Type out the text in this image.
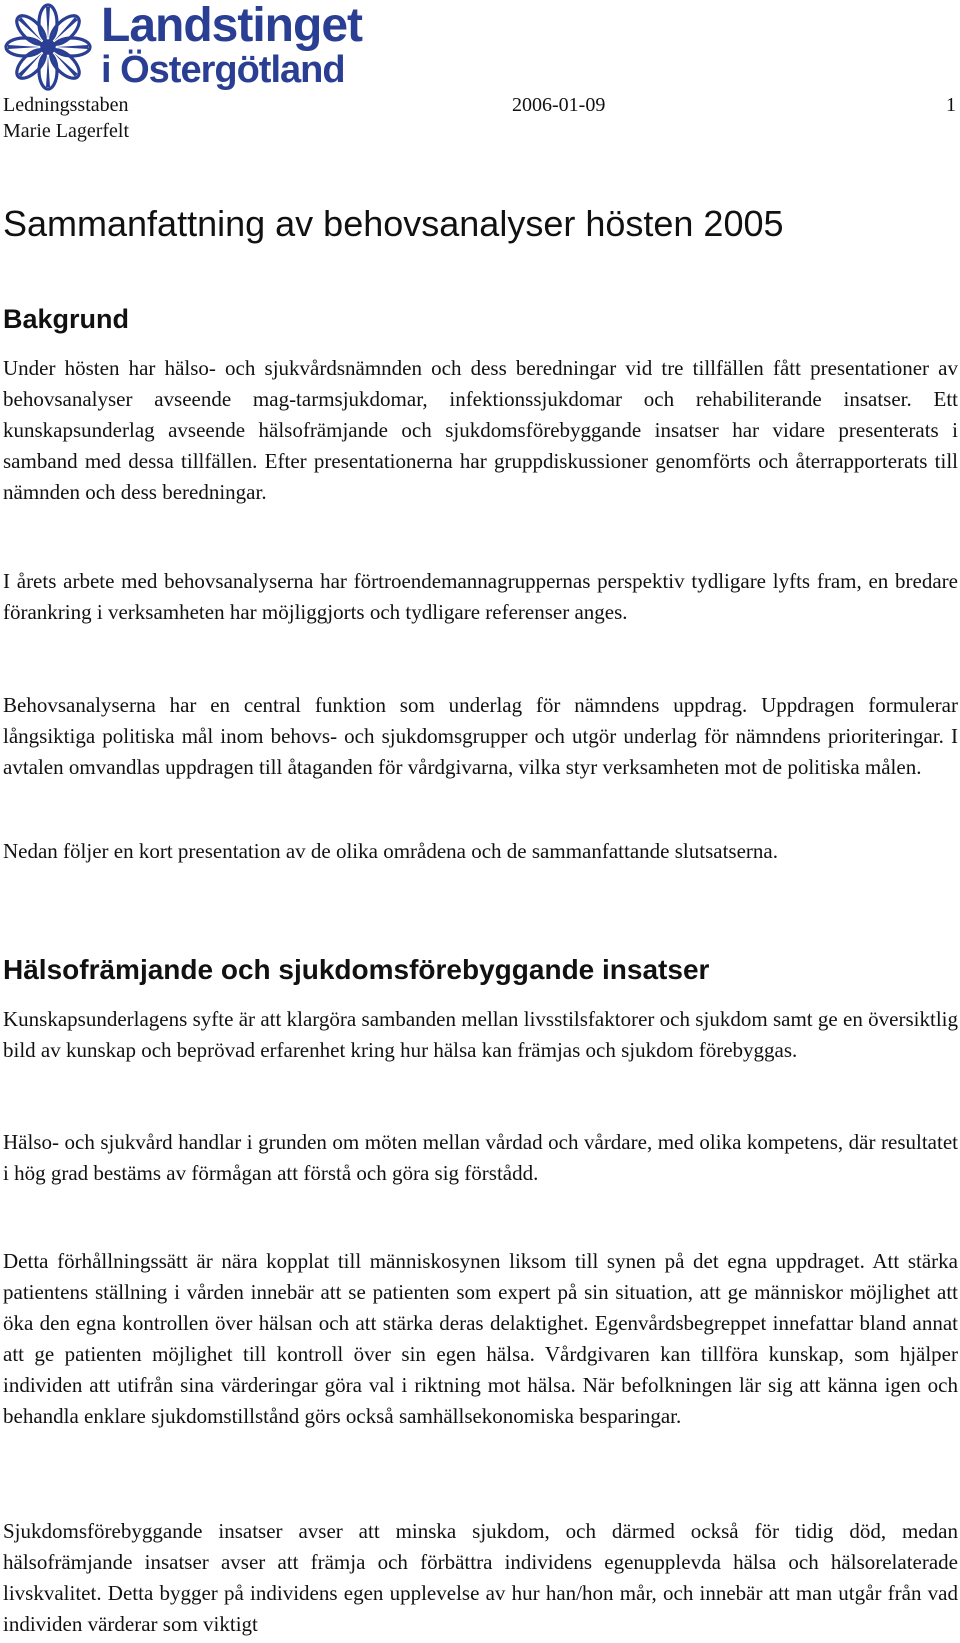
Landstinget
i Östergötland
Ledningsstaben
Marie Lagerfelt
2006-01-09	1
Sammanfattning av behovsanalyser hösten 2005
Bakgrund

Under hösten har hälso- och sjukvårdsnämnden och dess beredningar vid tre tillfällen fått presentationer av behovsanalyser avseende mag-tarmsjukdomar, infektionssjukdomar och rehabiliterande insatser. Ett kunskapsunderlag avseende hälsofrämjande och sjukdomsförebyggande insatser har vidare presenterats i samband med dessa tillfällen. Efter presentationerna har gruppdiskussioner genomförts och återrapporterats till nämnden och dess beredningar.

I årets arbete med behovsanalyserna har förtroendemannagruppernas perspektiv tydligare lyfts fram, en bredare förankring i verksamheten har möjliggjorts och tydligare referenser anges.

Behovsanalyserna har en central funktion som underlag för nämndens uppdrag. Uppdragen formulerar långsiktiga politiska mål inom behovs- och sjukdomsgrupper och utgör underlag för nämndens prioriteringar. I avtalen omvandlas uppdragen till åtaganden för vårdgivarna, vilka styr verksamheten mot de politiska målen.

Nedan följer en kort presentation av de olika områdena och de sammanfattande slutsatserna.

Hälsofrämjande och sjukdomsförebyggande insatser

Kunskapsunderlagens syfte är att klargöra sambanden mellan livsstilsfaktorer och sjukdom samt ge en översiktlig bild av kunskap och beprövad erfarenhet kring hur hälsa kan främjas och sjukdom förebyggas.

Hälso- och sjukvård handlar i grunden om möten mellan vårdad och vårdare, med olika kompetens, där resultatet i hög grad bestäms av förmågan att förstå och göra sig förstådd.

Detta förhållningssätt är nära kopplat till människosynen liksom till synen på det egna uppdraget. Att stärka patientens ställning i vården innebär att se patienten som expert på sin situation, att ge människor möjlighet att öka den egna kontrollen över hälsan och att stärka deras delaktighet. Egenvårdsbegreppet innefattar bland annat att ge patienten möjlighet till kontroll över sin egen hälsa. Vårdgivaren kan tillföra kunskap, som hjälper individen att utifrån sina värderingar göra val i riktning mot hälsa. När befolkningen lär sig att känna igen och behandla enklare sjukdomstillstånd görs också samhällsekonomiska besparingar.

Sjukdomsförebyggande insatser avser att minska sjukdom, och därmed också för tidig död, medan hälsofrämjande insatser avser att främja och förbättra individens egenupplevda hälsa och hälsorelaterade livskvalitet. Detta bygger på individens egen upplevelse av hur han/hon mår, och innebär att man utgår från vad individen värderar som viktigt
